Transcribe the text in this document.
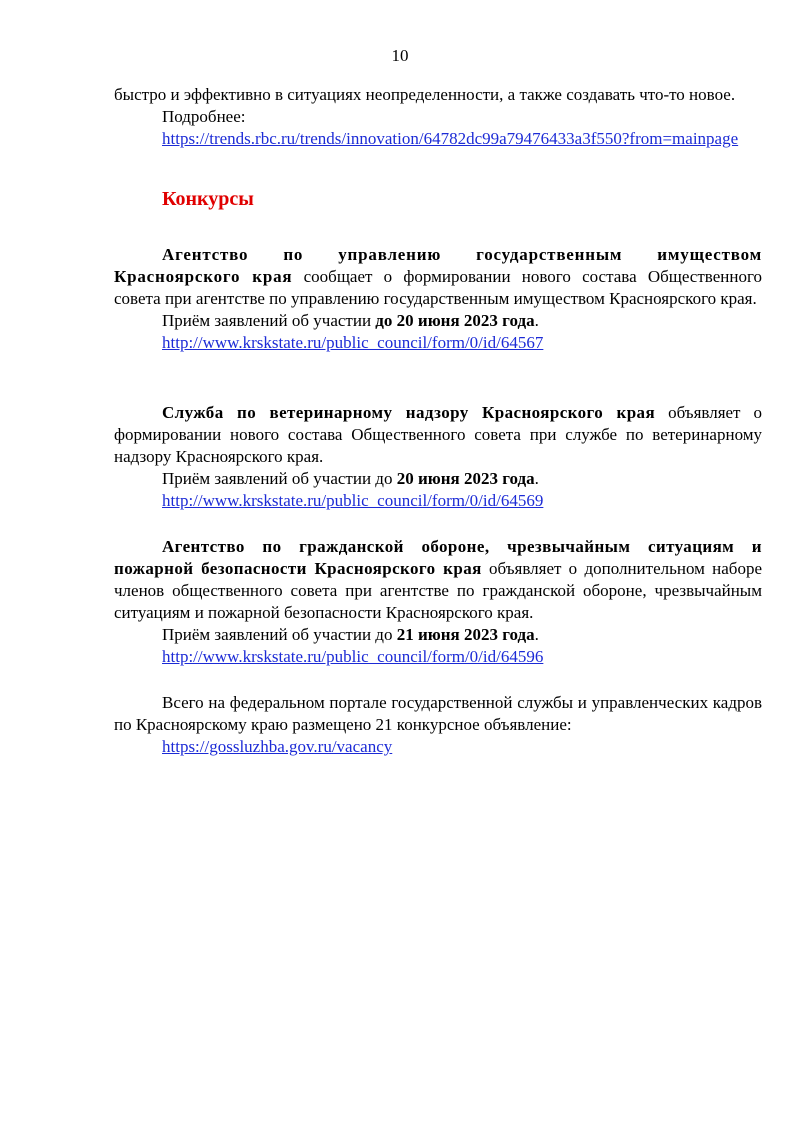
10

быстро и эффективно в ситуациях неопределенности, а также создавать что-то новое.

Подробнее:

https://trends.rbc.ru/trends/innovation/64782dc99a79476433a3f550?from=mainpage

Конкурсы

Агентство по управлению государственным имуществом Красноярского края сообщает о формировании нового состава Общественного совета при агентстве по управлению государственным имуществом Красноярского края.

Приём заявлений об участии до 20 июня 2023 года.

http://www.krskstate.ru/public_council/form/0/id/64567

Служба по ветеринарному надзору Красноярского края объявляет о формировании нового состава Общественного совета при службе по ветеринарному надзору Красноярского края.

Приём заявлений об участии до 20 июня 2023 года.

http://www.krskstate.ru/public_council/form/0/id/64569

Агентство по гражданской обороне, чрезвычайным ситуациям и пожарной безопасности Красноярского края объявляет о дополнительном наборе членов общественного совета при агентстве по гражданской обороне, чрезвычайным ситуациям и пожарной безопасности Красноярского края.

Приём заявлений об участии до 21 июня 2023 года.

http://www.krskstate.ru/public_council/form/0/id/64596

Всего на федеральном портале государственной службы и управленческих кадров по Красноярскому краю размещено 21 конкурсное объявление:

https://gossluzhba.gov.ru/vacancy
